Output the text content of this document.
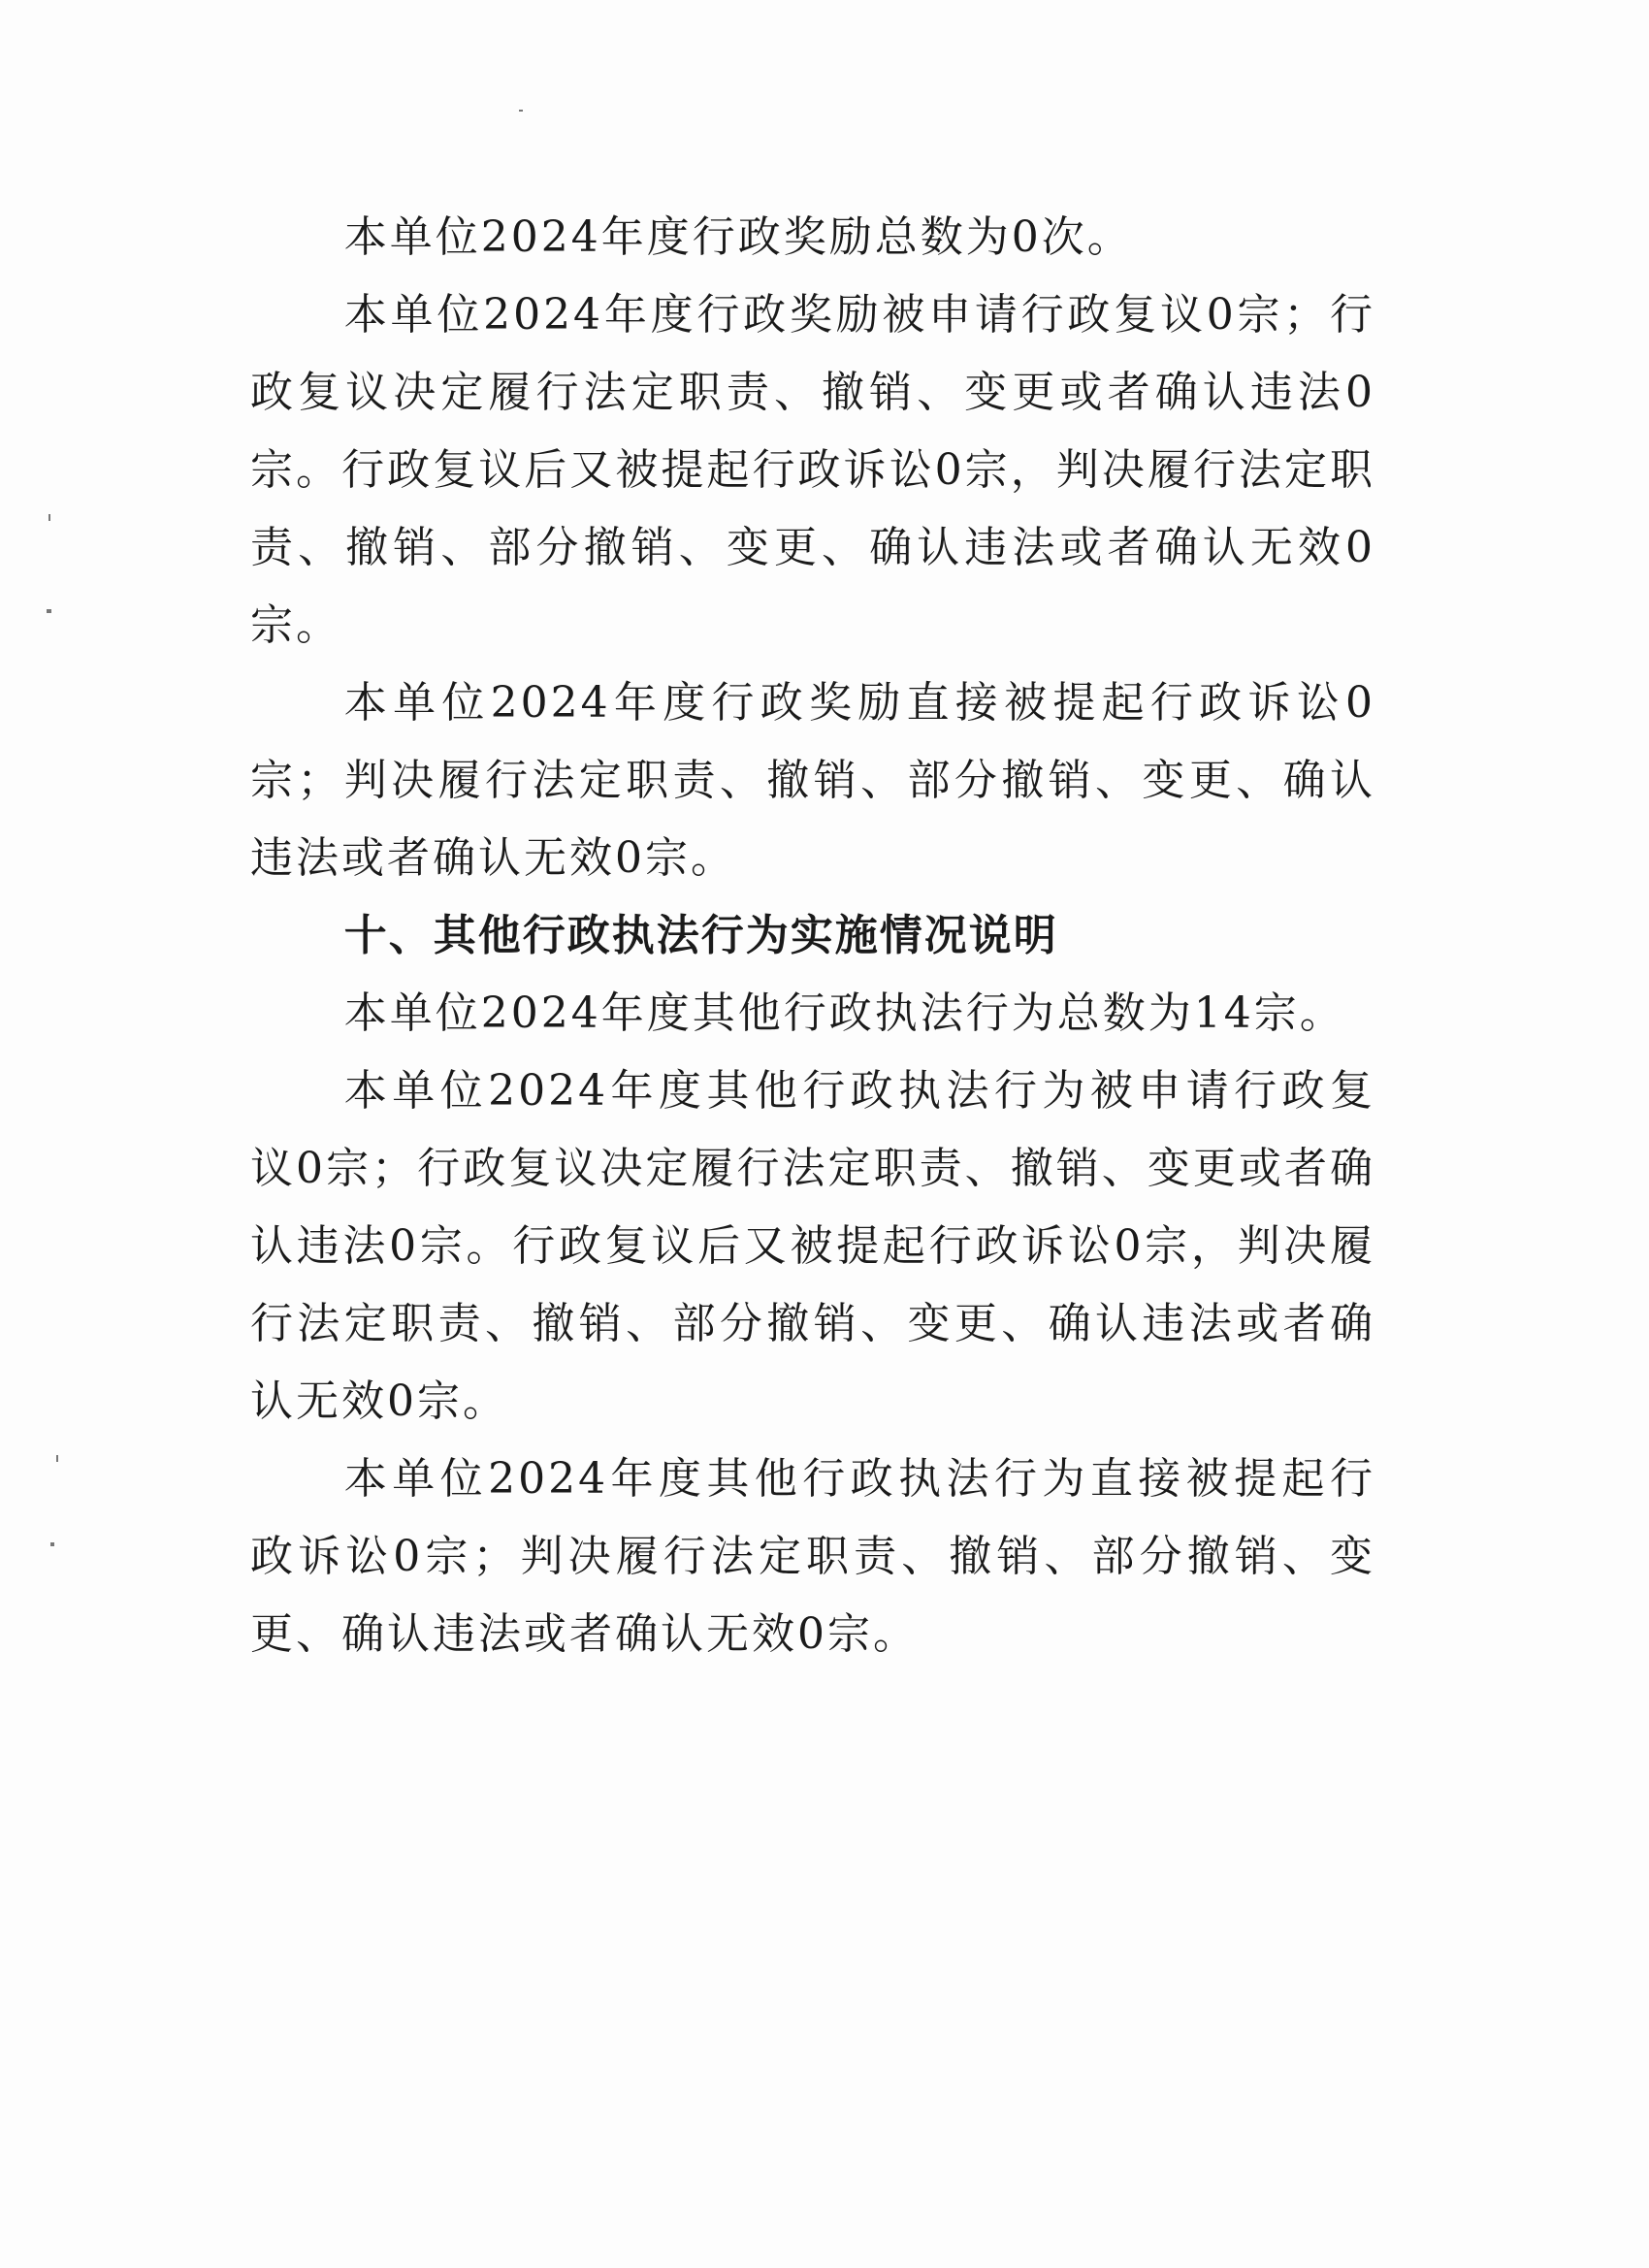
本单位2024年度行政奖励总数为0次。

本单位2024年度行政奖励被申请行政复议0宗；行政复议决定履行法定职责、撤销、变更或者确认违法0宗。行政复议后又被提起行政诉讼0宗，判决履行法定职责、撤销、部分撤销、变更、确认违法或者确认无效0宗。

本单位2024年度行政奖励直接被提起行政诉讼0宗；判决履行法定职责、撤销、部分撤销、变更、确认违法或者确认无效0宗。

十、其他行政执法行为实施情况说明

本单位2024年度其他行政执法行为总数为14宗。

本单位2024年度其他行政执法行为被申请行政复议0宗；行政复议决定履行法定职责、撤销、变更或者确认违法0宗。行政复议后又被提起行政诉讼0宗，判决履行法定职责、撤销、部分撤销、变更、确认违法或者确认无效0宗。

本单位2024年度其他行政执法行为直接被提起行政诉讼0宗；判决履行法定职责、撤销、部分撤销、变更、确认违法或者确认无效0宗。
